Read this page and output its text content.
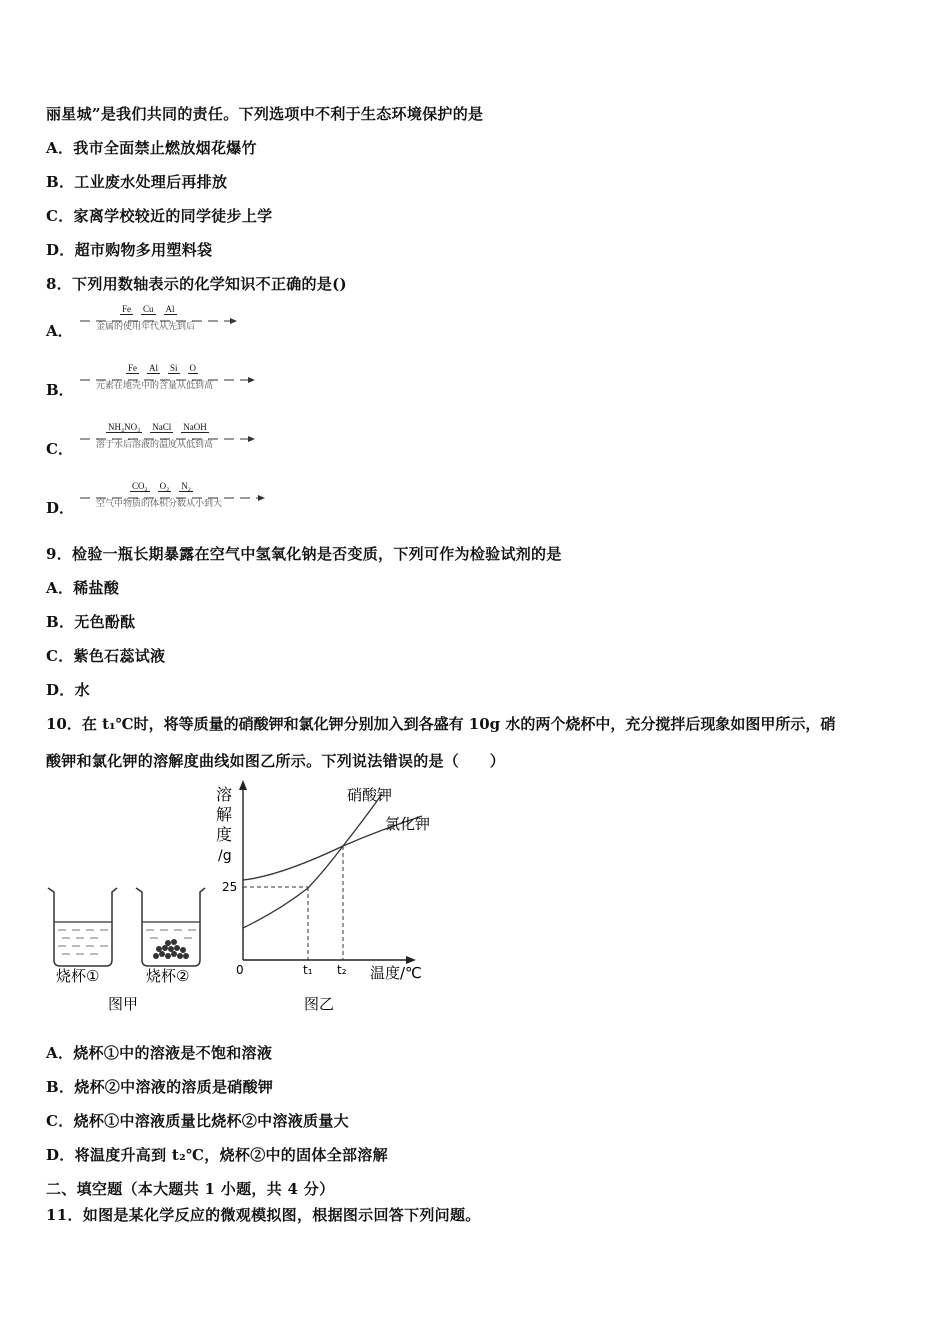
丽星城”是我们共同的责任。下列选项中不利于生态环境保护的是
A．我市全面禁止燃放烟花爆竹
B．工业废水处理后再排放
C．家离学校较近的同学徒步上学
D．超市购物多用塑料袋
8．下列用数轴表示的化学知识不正确的是()
A．
Fe Cu Al
金属的使用年代从先到后
B．
Fe Al Si O
元素在地壳中的含量从低到高
C．
NH₄NO₃ NaCl NaOH
溶于水后溶液的温度从低到高
D．
CO₂ O₂ N₂
空气中物质的体积分数从小到大
9．检验一瓶长期暴露在空气中氢氧化钠是否变质，下列可作为检验试剂的是
A．稀盐酸
B．无色酚酞
C．紫色石蕊试液
D．水
10．在 t₁℃时，将等质量的硝酸钾和氯化钾分别加入到各盛有 10g 水的两个烧杯中，充分搅拌后现象如图甲所示，硝
酸钾和氯化钾的溶解度曲线如图乙所示。下列说法错误的是（　　）
烧杯①	烧杯②
图甲
溶
解
度
/g
25
0	t₁ t₂ 温度/℃
硝酸钾
氯化钾
图乙
A．烧杯①中的溶液是不饱和溶液
B．烧杯②中溶液的溶质是硝酸钾
C．烧杯①中溶液质量比烧杯②中溶液质量大
D．将温度升高到 t₂℃，烧杯②中的固体全部溶解
二、填空题（本大题共 1 小题，共 4 分）
11．如图是某化学反应的微观模拟图，根据图示回答下列问题。
